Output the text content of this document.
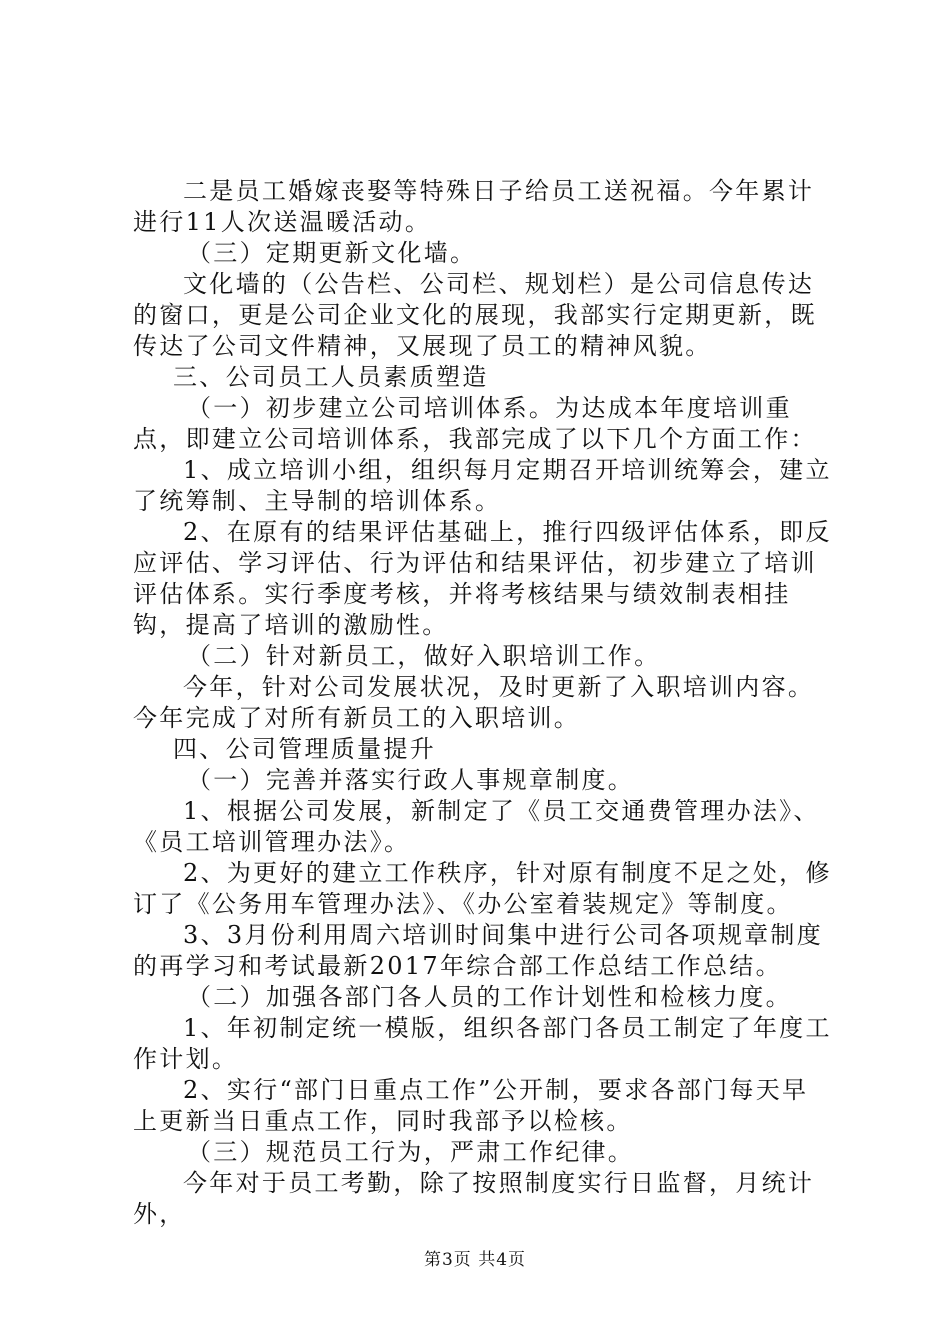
二是员工婚嫁丧娶等特殊日子给员工送祝福。今年累计进行11人次送温暖活动。

（三）定期更新文化墙。

文化墙的（公告栏、公司栏、规划栏）是公司信息传达的窗口，更是公司企业文化的展现，我部实行定期更新，既传达了公司文件精神，又展现了员工的精神风貌。

三、公司员工人员素质塑造

（一）初步建立公司培训体系。为达成本年度培训重点，即建立公司培训体系，我部完成了以下几个方面工作：

1、成立培训小组，组织每月定期召开培训统筹会，建立了统筹制、主导制的培训体系。

2、在原有的结果评估基础上，推行四级评估体系，即反应评估、学习评估、行为评估和结果评估，初步建立了培训评估体系。实行季度考核，并将考核结果与绩效制表相挂钩，提高了培训的激励性。

（二）针对新员工，做好入职培训工作。

今年，针对公司发展状况，及时更新了入职培训内容。今年完成了对所有新员工的入职培训。

四、公司管理质量提升

（一）完善并落实行政人事规章制度。

1、根据公司发展，新制定了《员工交通费管理办法》、《员工培训管理办法》。

2、为更好的建立工作秩序，针对原有制度不足之处，修订了《公务用车管理办法》、《办公室着装规定》等制度。

3、3月份利用周六培训时间集中进行公司各项规章制度的再学习和考试最新2017年综合部工作总结工作总结。

（二）加强各部门各人员的工作计划性和检核力度。

1、年初制定统一模版，组织各部门各员工制定了年度工作计划。

2、实行“部门日重点工作”公开制，要求各部门每天早上更新当日重点工作，同时我部予以检核。

（三）规范员工行为，严肃工作纪律。

今年对于员工考勤，除了按照制度实行日监督，月统计外，

第3页 共4页
